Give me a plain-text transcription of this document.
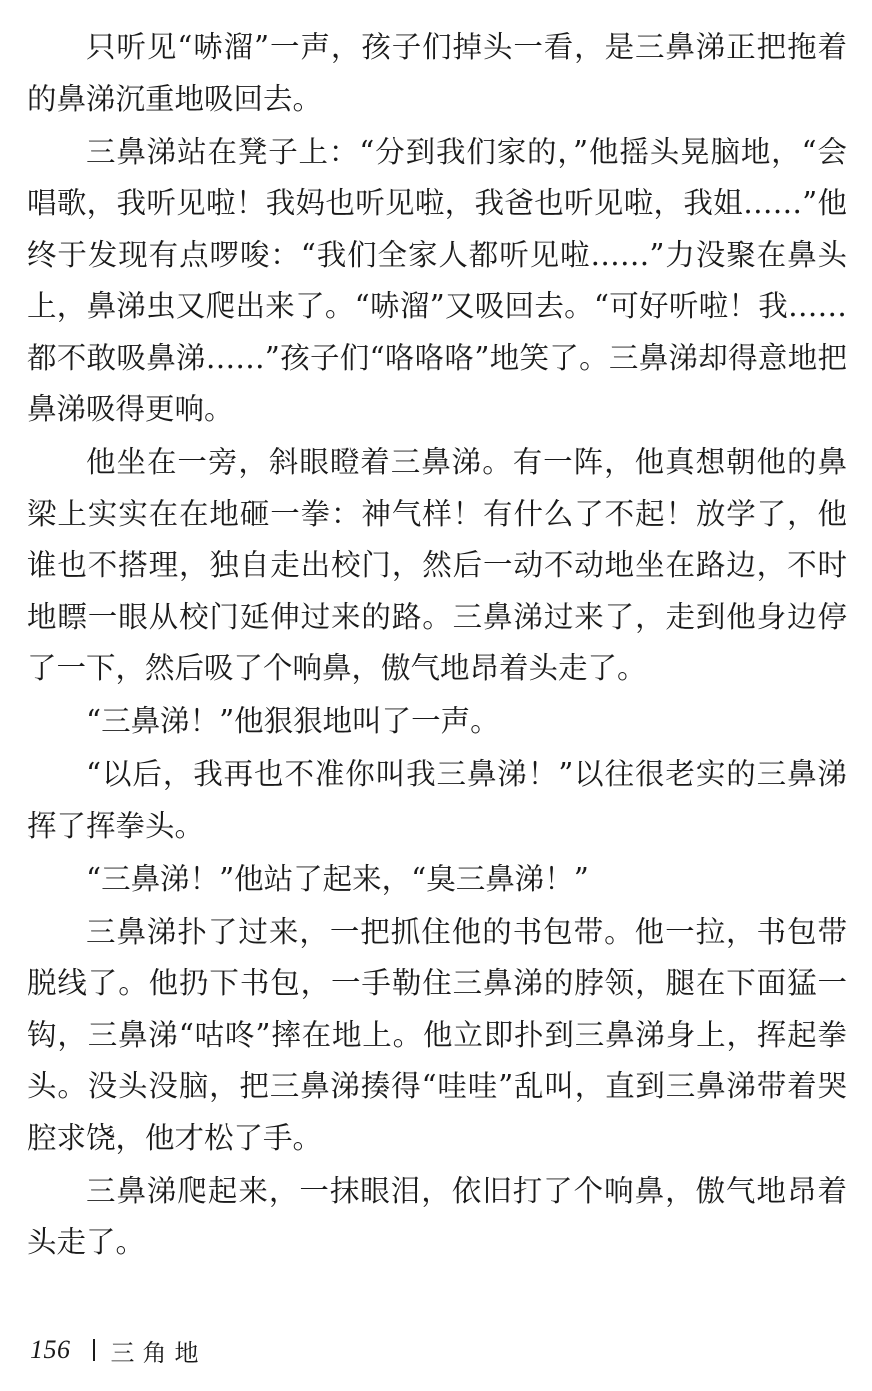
只听见“哧溜”一声，孩子们掉头一看，是三鼻涕正把拖着的鼻涕沉重地吸回去。

三鼻涕站在凳子上：“分到我们家的，”他摇头晃脑地，“会唱歌，我听见啦！我妈也听见啦，我爸也听见啦，我姐……”他终于发现有点啰唆：“我们全家人都听见啦……”力没聚在鼻头上，鼻涕虫又爬出来了。“哧溜”又吸回去。“可好听啦！我……都不敢吸鼻涕……”孩子们“咯咯咯”地笑了。三鼻涕却得意地把鼻涕吸得更响。

他坐在一旁，斜眼瞪着三鼻涕。有一阵，他真想朝他的鼻梁上实实在在地砸一拳：神气样！有什么了不起！放学了，他谁也不搭理，独自走出校门，然后一动不动地坐在路边，不时地瞟一眼从校门延伸过来的路。三鼻涕过来了，走到他身边停了一下，然后吸了个响鼻，傲气地昂着头走了。

“三鼻涕！”他狠狠地叫了一声。

“以后，我再也不准你叫我三鼻涕！”以往很老实的三鼻涕挥了挥拳头。

“三鼻涕！”他站了起来，“臭三鼻涕！”

三鼻涕扑了过来，一把抓住他的书包带。他一拉，书包带脱线了。他扔下书包，一手勒住三鼻涕的脖领，腿在下面猛一钩，三鼻涕“咕咚”摔在地上。他立即扑到三鼻涕身上，挥起拳头。没头没脑，把三鼻涕揍得“哇哇”乱叫，直到三鼻涕带着哭腔求饶，他才松了手。

三鼻涕爬起来，一抹眼泪，依旧打了个响鼻，傲气地昂着头走了。

156 三角地
